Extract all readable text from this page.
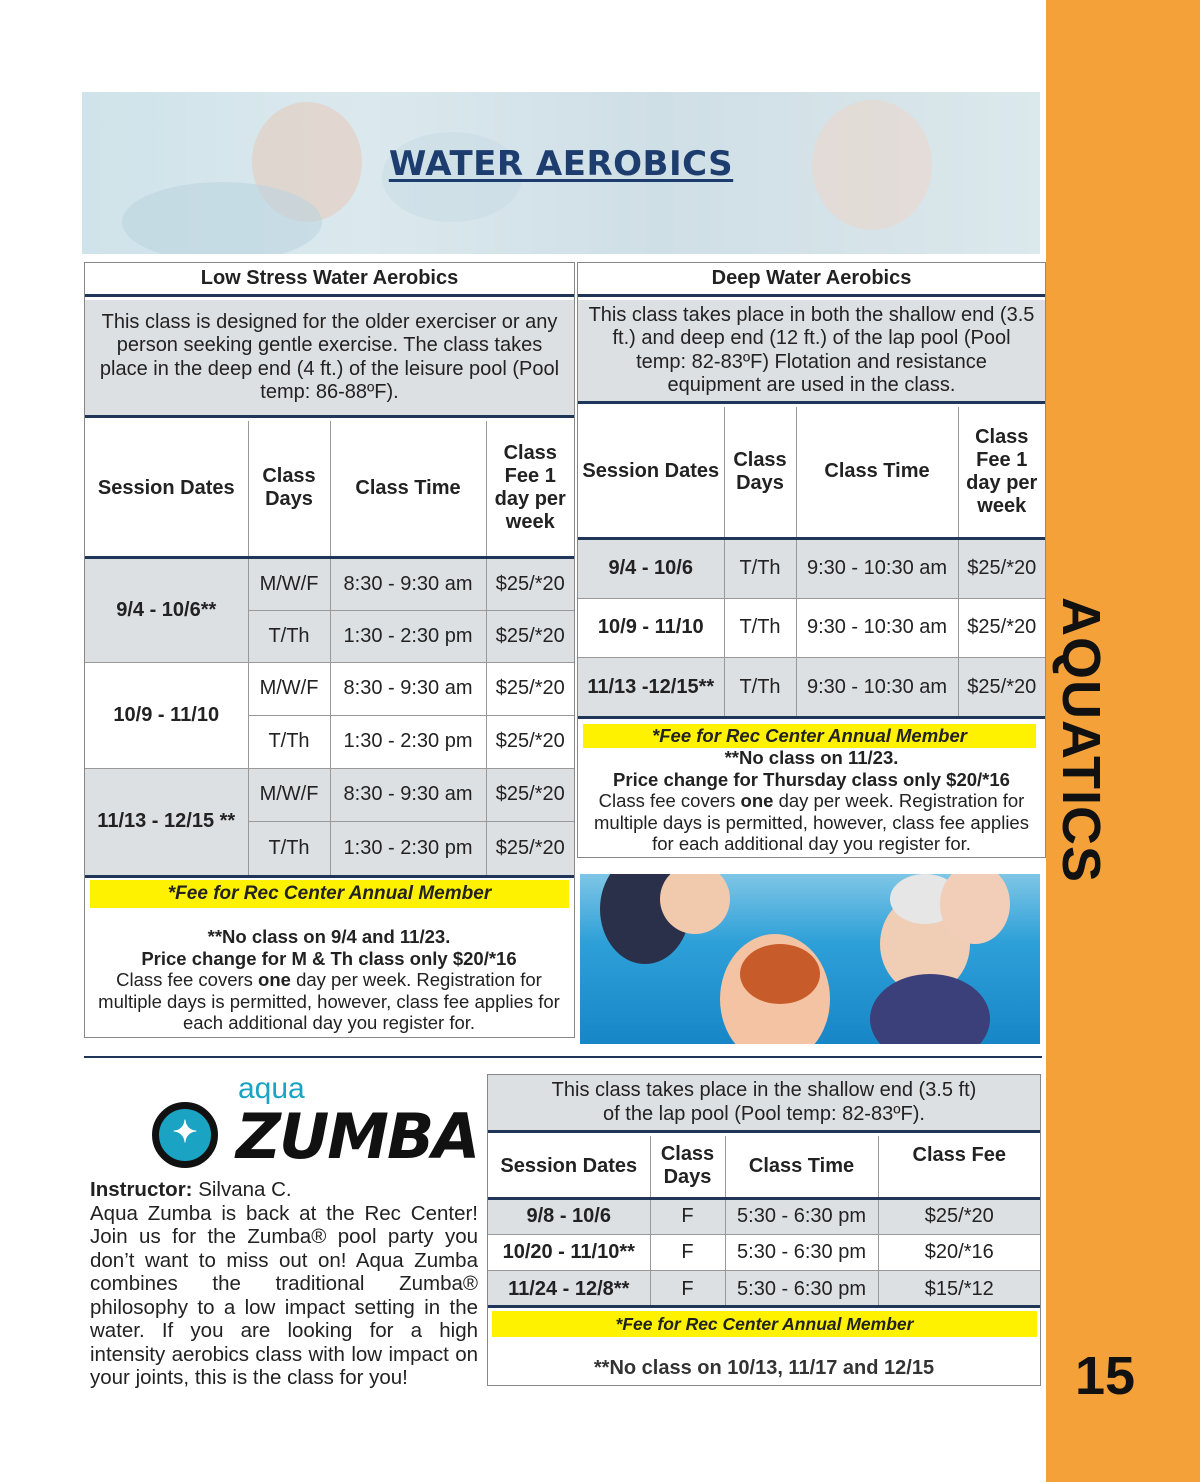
AQUATICS
15
WATER AEROBICS
Low Stress Water Aerobics
This class is designed for the older exerciser or any person seeking gentle exercise. The class takes place in the deep end (4 ft.) of the leisure pool (Pool temp: 86-88ºF).
Session Dates	Class Days	Class Time	Class Fee 1 day per week
9/4 - 10/6**	M/W/F	8:30 - 9:30 am	$25/*20
	T/Th	1:30 - 2:30 pm	$25/*20
10/9 - 11/10	M/W/F	8:30 - 9:30 am	$25/*20
	T/Th	1:30 - 2:30 pm	$25/*20
11/13 - 12/15 **	M/W/F	8:30 - 9:30 am	$25/*20
	T/Th	1:30 - 2:30 pm	$25/*20
*Fee for Rec Center Annual Member
**No class on 9/4 and 11/23.
Price change for M & Th class only $20/*16
Class fee covers one day per week. Registration for multiple days is permitted, however, class fee applies for each additional day you register for.
Deep Water Aerobics
This class takes place in both the shallow end (3.5 ft.) and deep end (12 ft.) of the lap pool (Pool temp: 82-83ºF) Flotation and resistance equipment are used in the class.
Session Dates	Class Days	Class Time	Class Fee 1 day per week
9/4 - 10/6	T/Th	9:30 - 10:30 am	$25/*20
10/9 - 11/10	T/Th	9:30 - 10:30 am	$25/*20
11/13 -12/15**	T/Th	9:30 - 10:30 am	$25/*20
*Fee for Rec Center Annual Member
**No class on 11/23.
Price change for Thursday class only $20/*16
Class fee covers one day per week. Registration for multiple days is permitted, however, class fee applies for each additional day you register for.
aqua
✦ ZUMBA
Instructor: Silvana C.
Aqua Zumba is back at the Rec Center! Join us for the Zumba® pool party you don’t want to miss out on! Aqua Zumba combines the traditional Zumba® philosophy to a low impact setting in the water. If you are looking for a high intensity aerobics class with low impact on your joints, this is the class for you!
This class takes place in the shallow end (3.5 ft) of the lap pool (Pool temp: 82-83ºF).
Session Dates	Class Days	Class Time	Class Fee
9/8 - 10/6	F	5:30 - 6:30 pm	$25/*20
10/20 - 11/10**	F	5:30 - 6:30 pm	$20/*16
11/24 - 12/8**	F	5:30 - 6:30 pm	$15/*12
*Fee for Rec Center Annual Member
**No class on 10/13, 11/17 and 12/15
